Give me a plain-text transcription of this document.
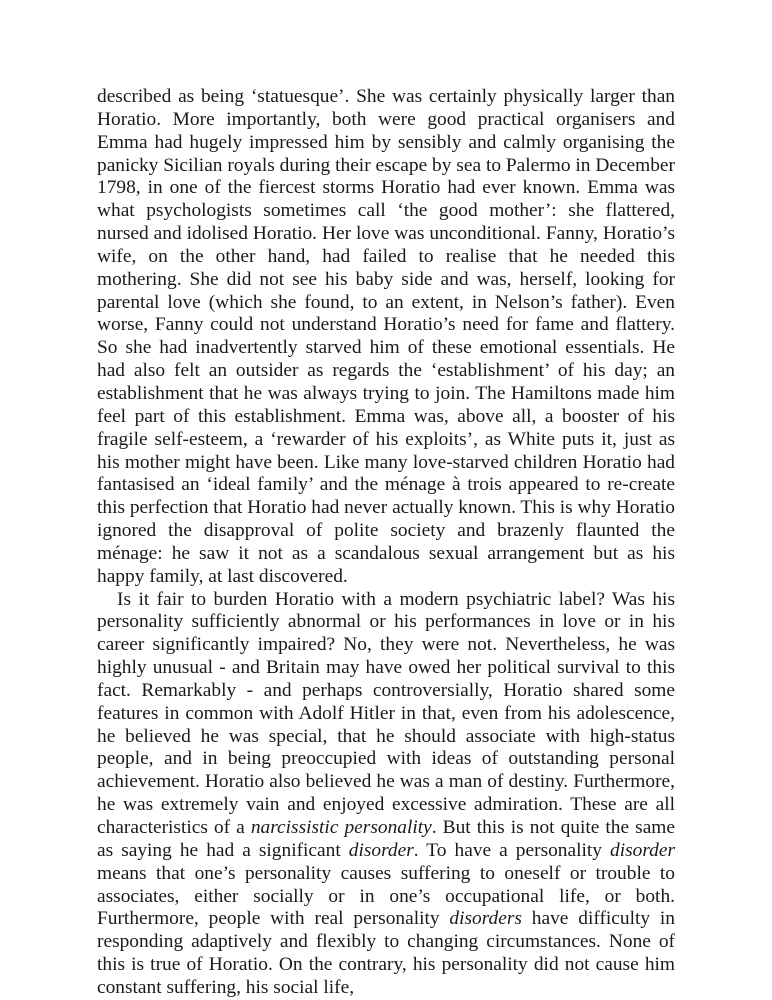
described as being ‘statuesque’. She was certainly physically larger than Horatio. More importantly, both were good practical organisers and Emma had hugely impressed him by sensibly and calmly organising the panicky Sicilian royals during their escape by sea to Palermo in December 1798, in one of the fiercest storms Horatio had ever known. Emma was what psychologists sometimes call ‘the good mother’: she flattered, nursed and idolised Horatio. Her love was unconditional. Fanny, Horatio’s wife, on the other hand, had failed to realise that he needed this mothering. She did not see his baby side and was, herself, looking for parental love (which she found, to an extent, in Nelson’s father). Even worse, Fanny could not understand Horatio’s need for fame and flattery. So she had inadvertently starved him of these emotional essentials. He had also felt an outsider as regards the ‘establishment’ of his day; an establishment that he was always trying to join. The Hamiltons made him feel part of this establishment. Emma was, above all, a booster of his fragile self-esteem, a ‘rewarder of his exploits’, as White puts it, just as his mother might have been. Like many love-starved children Horatio had fantasised an ‘ideal family’ and the ménage à trois appeared to re-create this perfection that Horatio had never actually known. This is why Horatio ignored the disapproval of polite society and brazenly flaunted the ménage: he saw it not as a scandalous sexual arrangement but as his happy family, at last discovered.

Is it fair to burden Horatio with a modern psychiatric label? Was his personality sufficiently abnormal or his performances in love or in his career significantly impaired? No, they were not. Nevertheless, he was highly unusual - and Britain may have owed her political survival to this fact. Remarkably - and perhaps controversially, Horatio shared some features in common with Adolf Hitler in that, even from his adolescence, he believed he was special, that he should associate with high-status people, and in being preoccupied with ideas of outstanding personal achievement. Horatio also believed he was a man of destiny. Furthermore, he was extremely vain and enjoyed excessive admiration. These are all characteristics of a narcissistic personality. But this is not quite the same as saying he had a significant disorder. To have a personality disorder means that one’s personality causes suffering to oneself or trouble to associates, either socially or in one’s occupational life, or both. Furthermore, people with real personality disorders have difficulty in responding adaptively and flexibly to changing circumstances. None of this is true of Horatio. On the contrary, his personality did not cause him constant suffering, his social life,
